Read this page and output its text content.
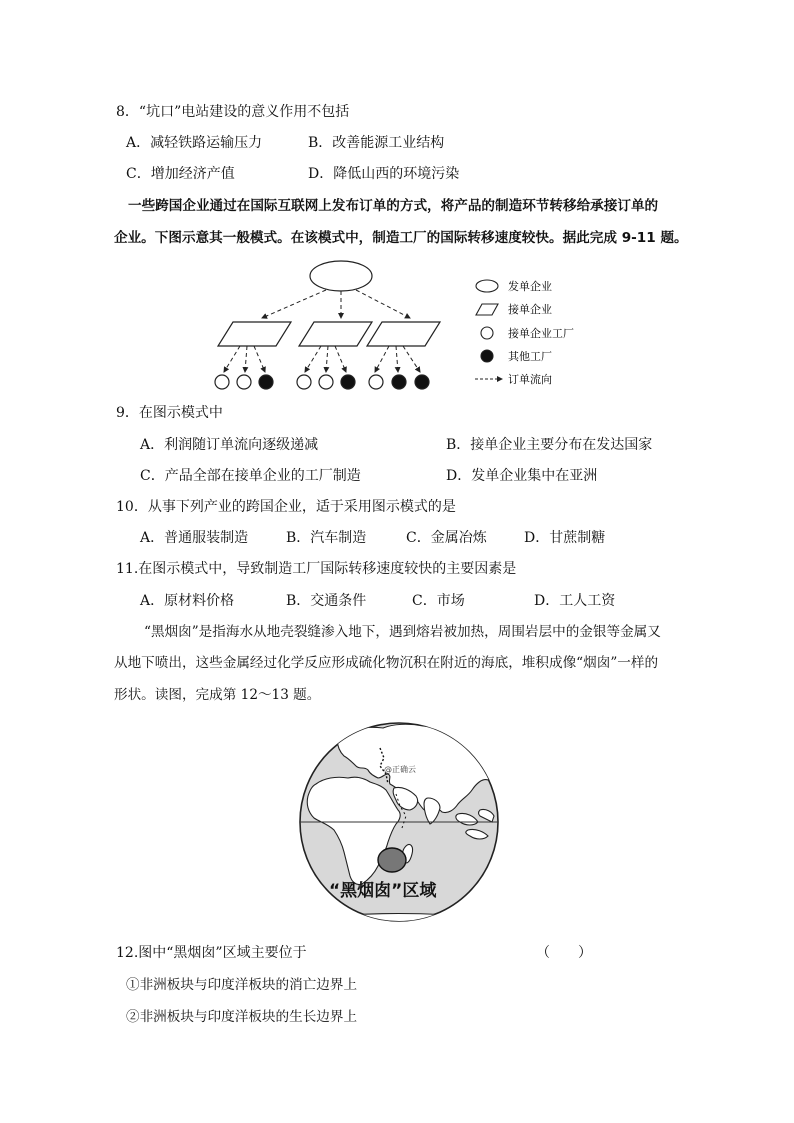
8．“坑口”电站建设的意义作用不包括
A．减轻铁路运输压力	B．改善能源工业结构
C．增加经济产值	D．降低山西的环境污染
一些跨国企业通过在国际互联网上发布订单的方式，将产品的制造环节转移给承接订单的
企业。下图示意其一般模式。在该模式中，制造工厂的国际转移速度较快。据此完成 9-11 题。
发单企业
接单企业
接单企业工厂
其他工厂
订单流向
9．在图示模式中
A．利润随订单流向逐级递减	B．接单企业主要分布在发达国家
C．产品全部在接单企业的工厂制造	D．发单企业集中在亚洲
10．从事下列产业的跨国企业，适于采用图示模式的是
A．普通服装制造	B．汽车制造	C．金属冶炼	D．甘蔗制糖
11.在图示模式中，导致制造工厂国际转移速度较快的主要因素是
A．原材料价格	B．交通条件	C．市场	D．工人工资
“黑烟囱”是指海水从地壳裂缝渗入地下，遇到熔岩被加热，周围岩层中的金银等金属又
从地下喷出，这些金属经过化学反应形成硫化物沉积在附近的海底，堆积成像“烟囱”一样的
形状。读图，完成第 12～13 题。
@正确云
“黑烟囱”区域
12.图中“黑烟囱”区域主要位于	（　　）
①非洲板块与印度洋板块的消亡边界上
②非洲板块与印度洋板块的生长边界上
